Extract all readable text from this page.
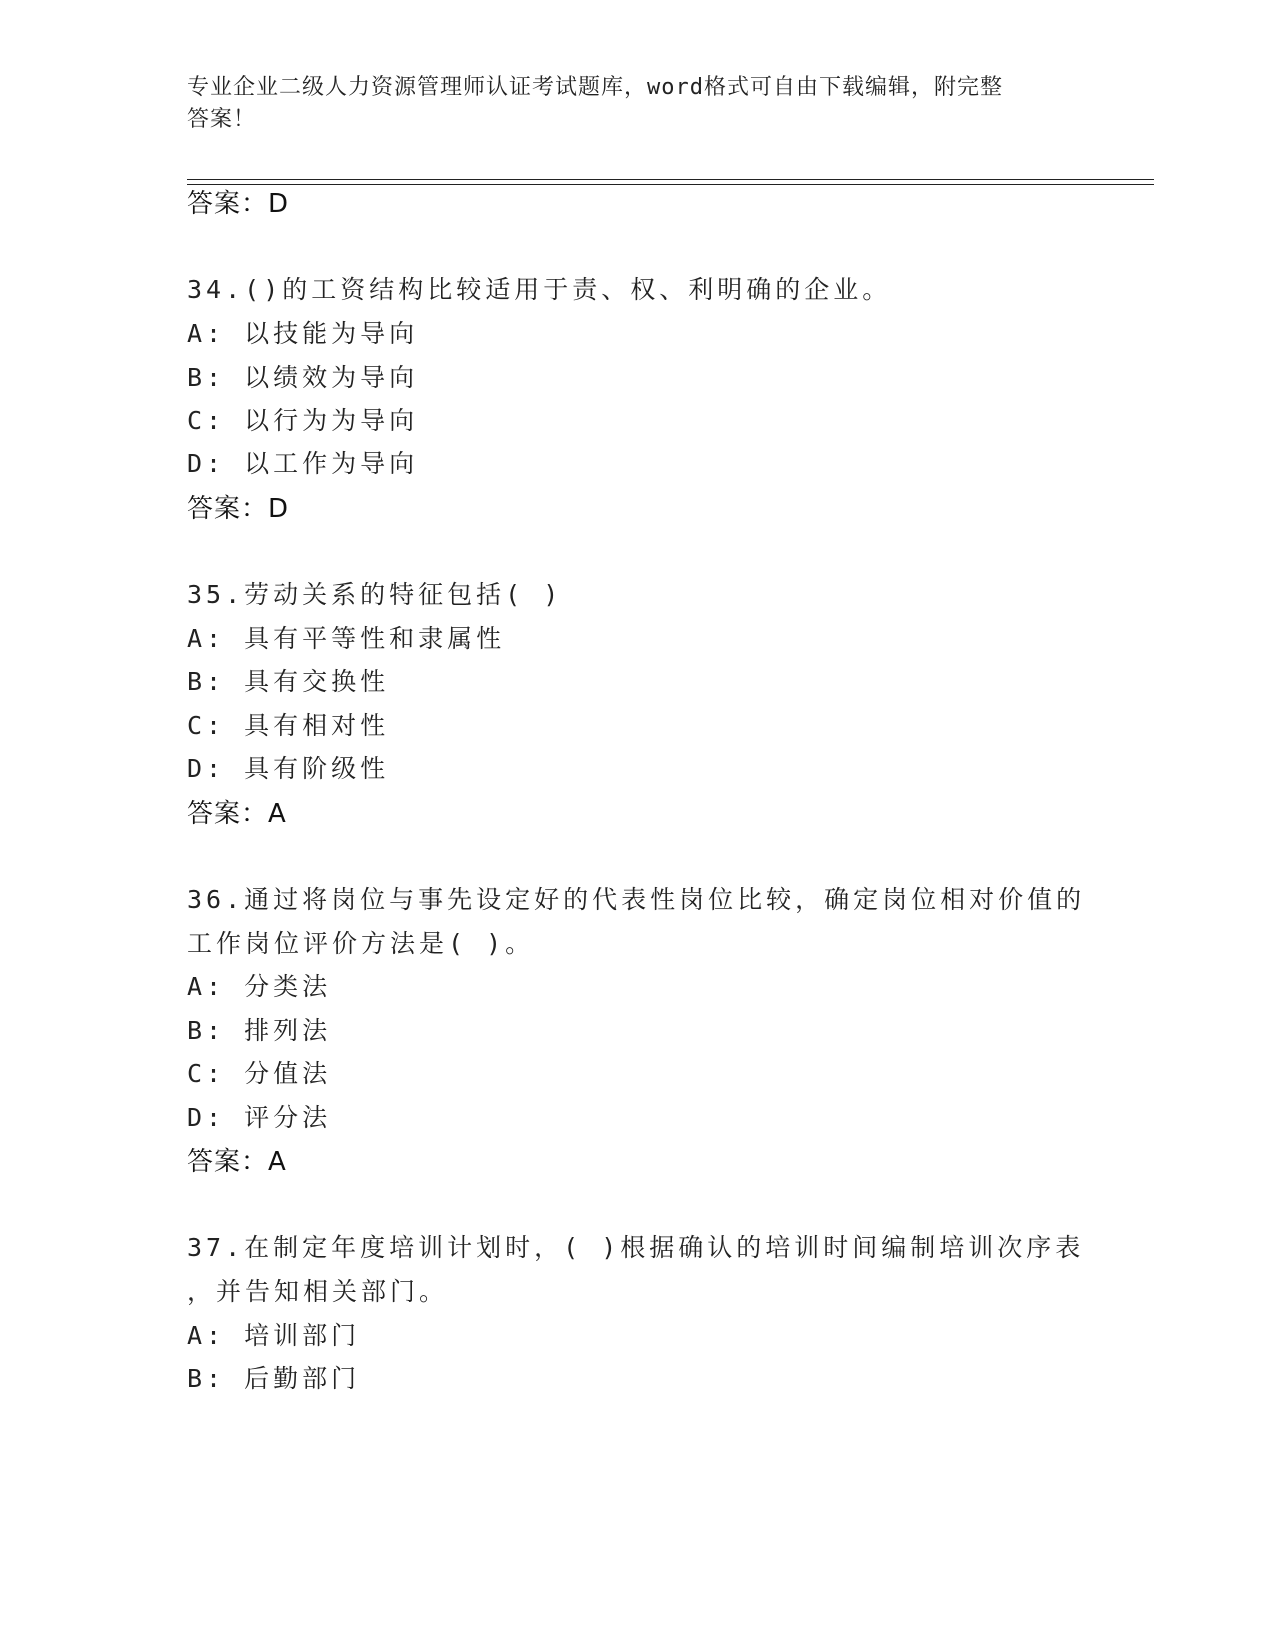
专业企业二级人力资源管理师认证考试题库，word格式可自由下载编辑，附完整
答案！
答案：D
34.()的工资结构比较适用于责、权、利明确的企业。
A: 以技能为导向
B: 以绩效为导向
C: 以行为为导向
D: 以工作为导向
答案：D
35.劳动关系的特征包括( )
A: 具有平等性和隶属性
B: 具有交换性
C: 具有相对性
D: 具有阶级性
答案：A
36.通过将岗位与事先设定好的代表性岗位比较，确定岗位相对价值的
工作岗位评价方法是( )。
A: 分类法
B: 排列法
C: 分值法
D: 评分法
答案：A
37.在制定年度培训计划时，( )根据确认的培训时间编制培训次序表
，并告知相关部门。
A: 培训部门
B: 后勤部门
